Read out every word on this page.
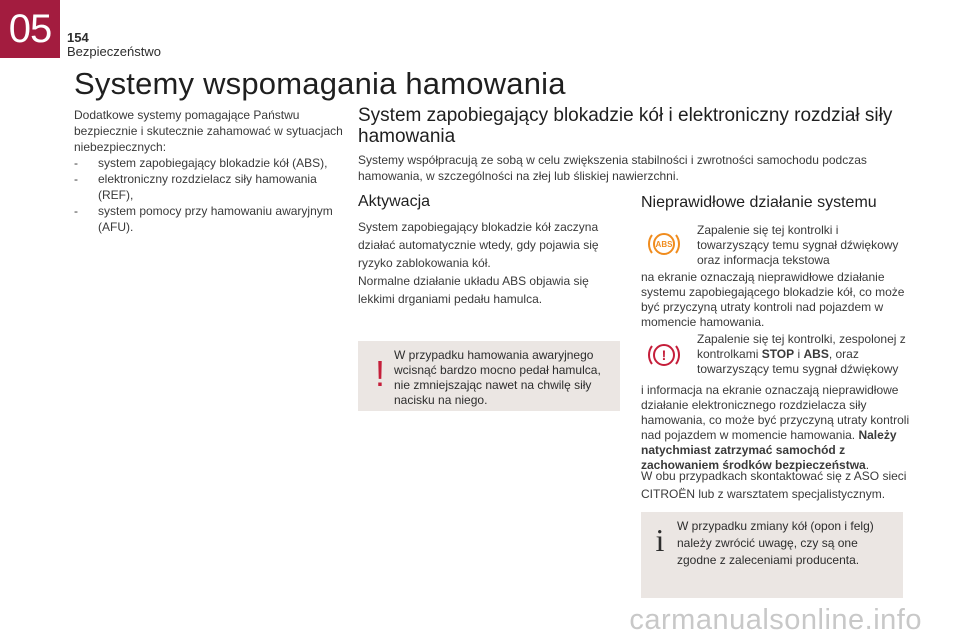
05	154
Bezpieczeństwo
Systemy wspomagania hamowania

Dodatkowe systemy pomagające Państwu bezpiecznie i skutecznie zahamować w sytuacjach niebezpiecznych:

- system zapobiegający blokadzie kół (ABS),
- elektroniczny rozdzielacz siły hamowania (REF),
- system pomocy przy hamowaniu awaryjnym (AFU).
System zapobiegający blokadzie kół i elektroniczny rozdział siły hamowania

Systemy współpracują ze sobą w celu zwiększenia stabilności i zwrotności samochodu podczas hamowania, w szczególności na złej lub śliskiej nawierzchni.

Aktywacja

System zapobiegający blokadzie kół zaczyna działać automatycznie wtedy, gdy pojawia się ryzyko zablokowania kół.

Normalne działanie układu ABS objawia się lekkimi drganiami pedału hamulca.

! W przypadku hamowania awaryjnego wcisnąć bardzo mocno pedał hamulca, nie zmniejszając nawet na chwilę siły nacisku na niego.
Nieprawidłowe działanie systemu
ABS
Zapalenie się tej kontrolki i towarzyszący temu sygnał dźwiękowy oraz informacja tekstowa

na ekranie oznaczają nieprawidłowe działanie systemu zapobiegającego blokadzie kół, co może być przyczyną utraty kontroli nad pojazdem w momencie hamowania.

!
Zapalenie się tej kontrolki, zespolonej z kontrolkami STOP i ABS, oraz towarzyszący temu sygnał dźwiękowy

i informacja na ekranie oznaczają nieprawidłowe działanie elektronicznego rozdzielacza siły hamowania, co może być przyczyną utraty kontroli nad pojazdem w momencie hamowania. Należy natychmiast zatrzymać samochód z zachowaniem środków bezpieczeństwa.

W obu przypadkach skontaktować się z ASO sieci CITROËN lub z warsztatem specjalistycznym.

i W przypadku zmiany kół (opon i felg) należy zwrócić uwagę, czy są one zgodne z zaleceniami producenta.
carmanualsonline.info
